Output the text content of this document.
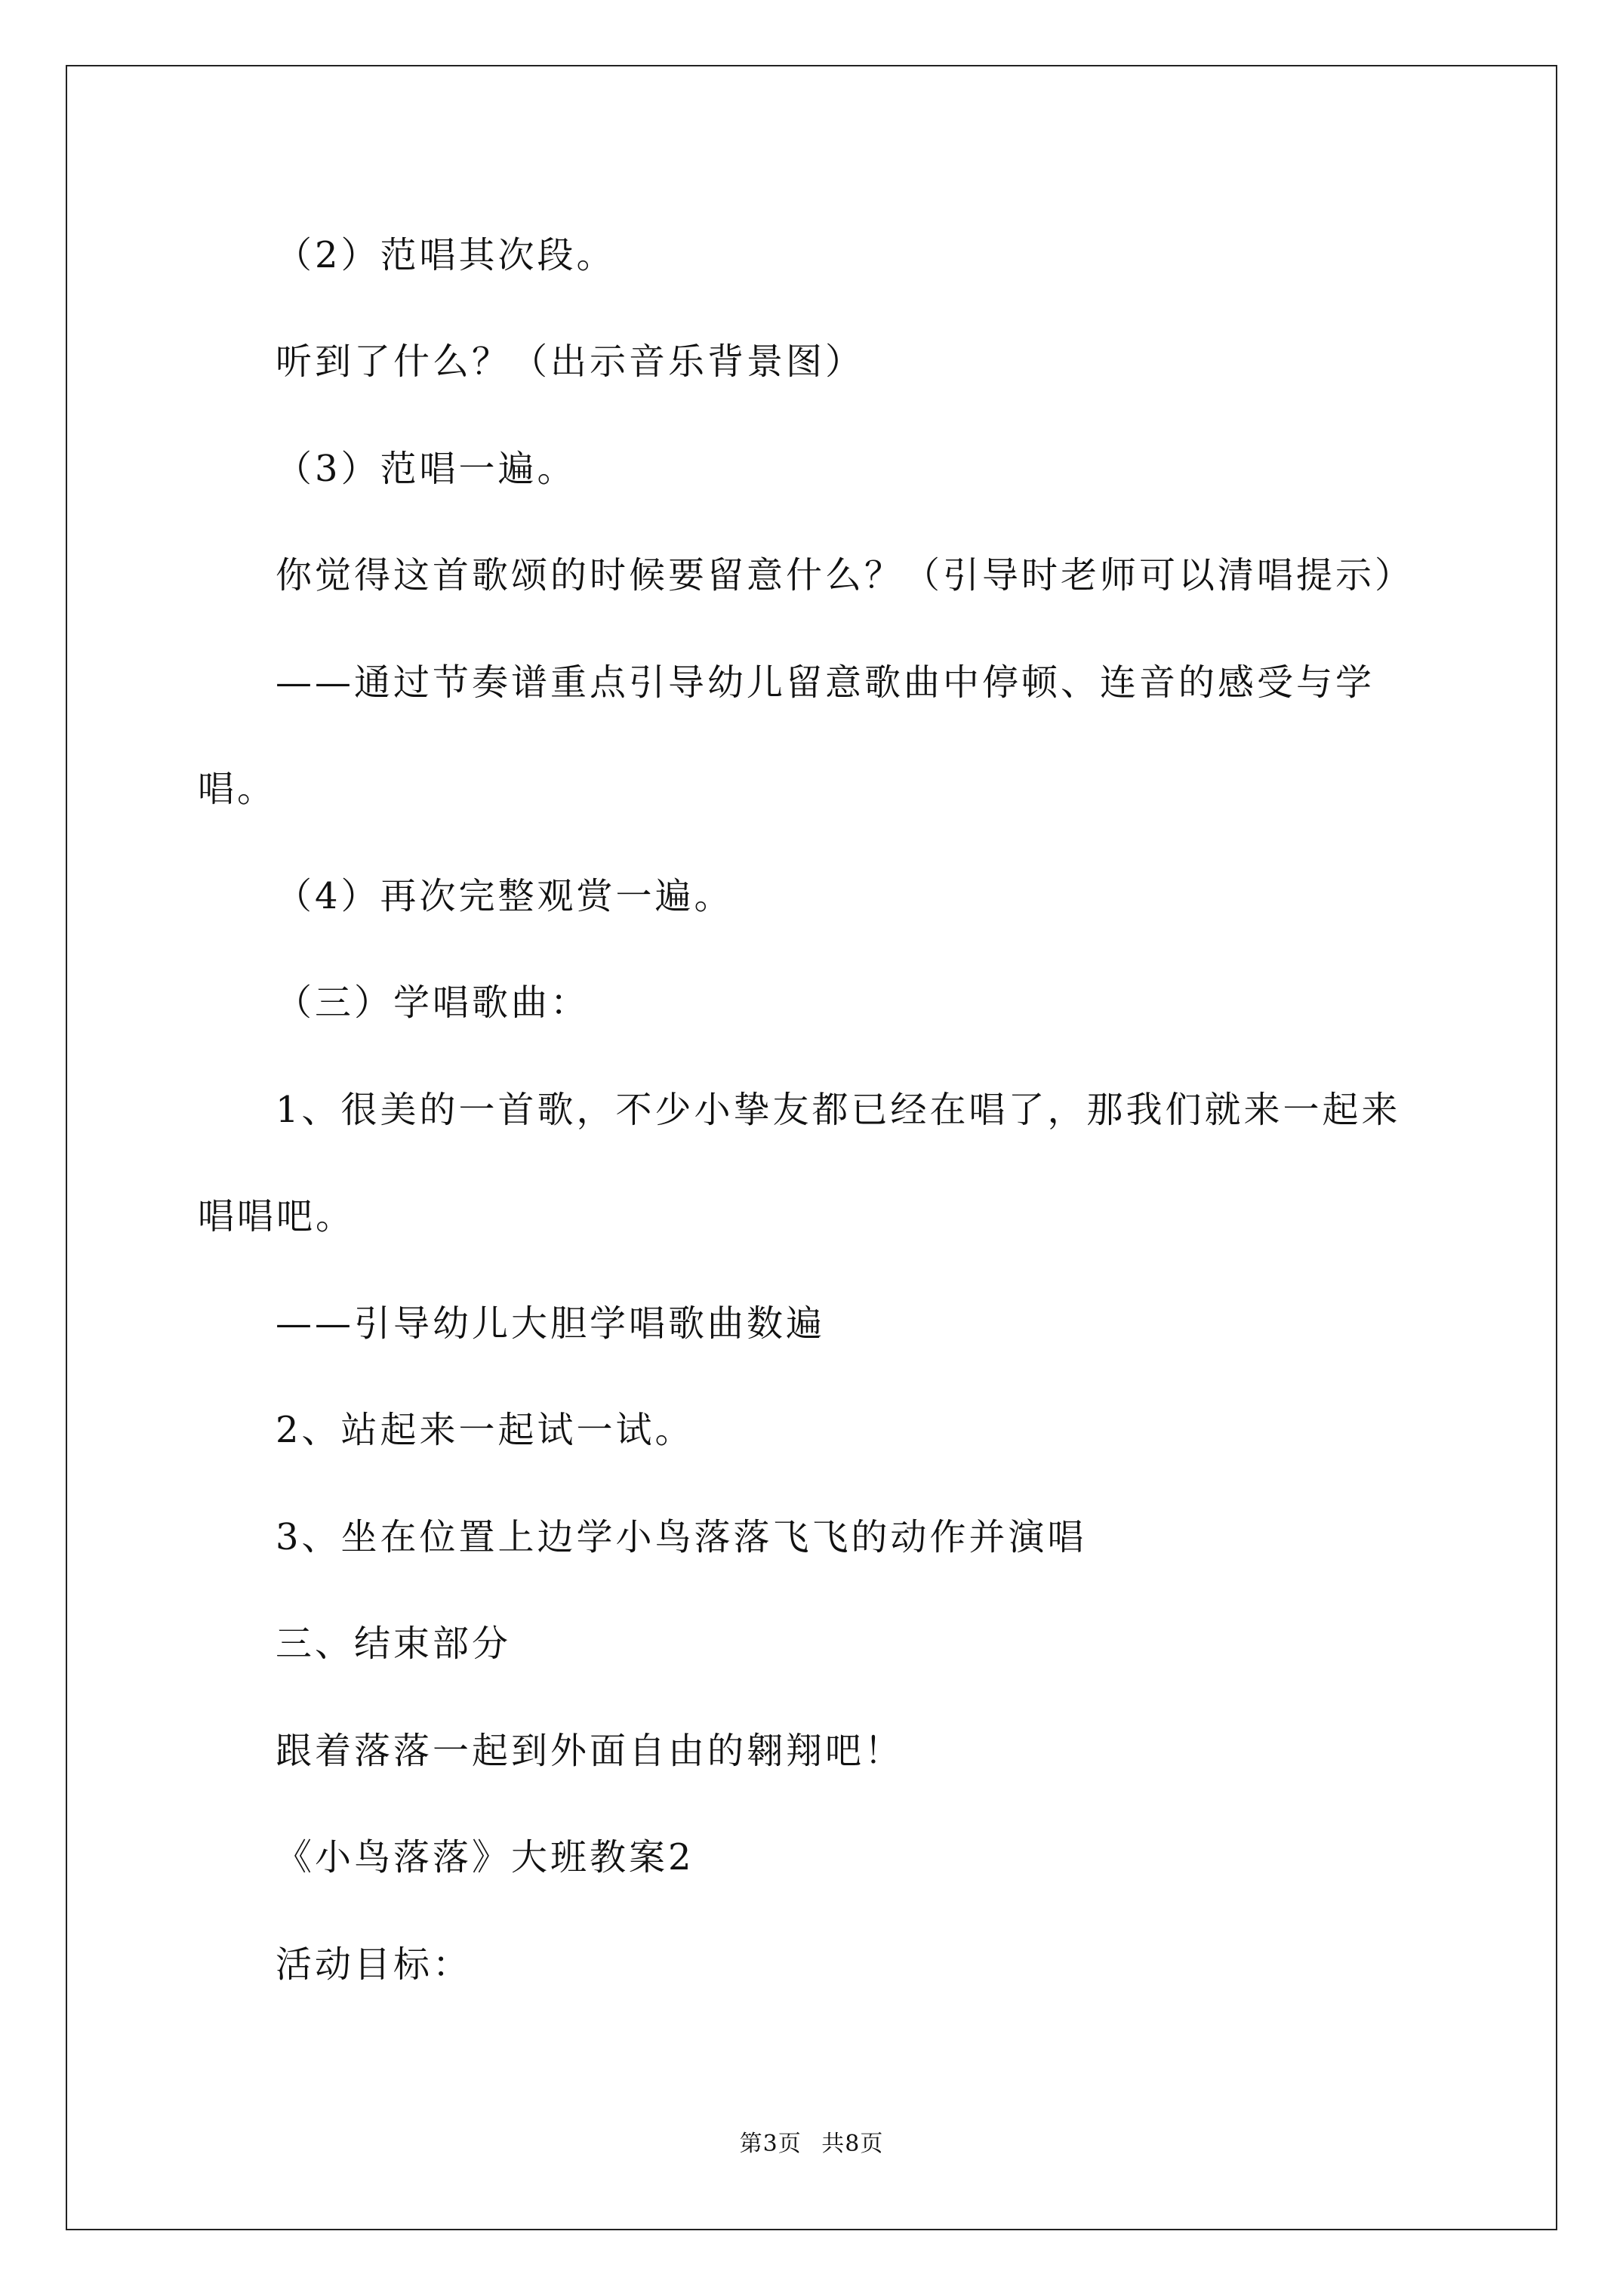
（2）范唱其次段。
听到了什么？（出示音乐背景图）
（3）范唱一遍。
你觉得这首歌颂的时候要留意什么？（引导时老师可以清唱提示）
——通过节奏谱重点引导幼儿留意歌曲中停顿、连音的感受与学
唱。
（4）再次完整观赏一遍。
（三）学唱歌曲：
1、很美的一首歌，不少小挚友都已经在唱了，那我们就来一起来
唱唱吧。
——引导幼儿大胆学唱歌曲数遍
2、站起来一起试一试。
3、坐在位置上边学小鸟落落飞飞的动作并演唱
三、结束部分
跟着落落一起到外面自由的翱翔吧！
《小鸟落落》大班教案2
活动目标：
第3页 共8页
